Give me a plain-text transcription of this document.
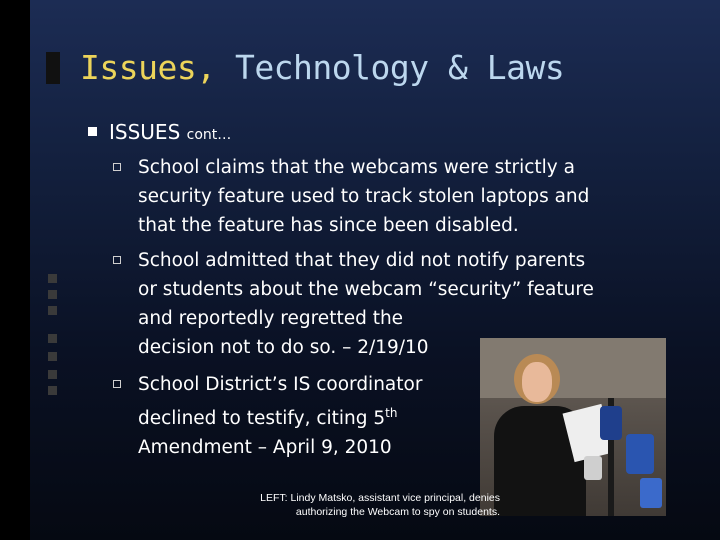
Issues, Technology & Laws
ISSUES cont…
School claims that the webcams were strictly a
security feature used to track stolen laptops and
that the feature has since been disabled.
School admitted that they did not notify parents
or students about the webcam “security” feature
and reportedly regretted the
decision not to do so. – 2/19/10
School District’s IS coordinator
declined to testify, citing 5th
Amendment – April 9, 2010
LEFT: Lindy Matsko, assistant vice principal, denies
authorizing the Webcam to spy on students.
